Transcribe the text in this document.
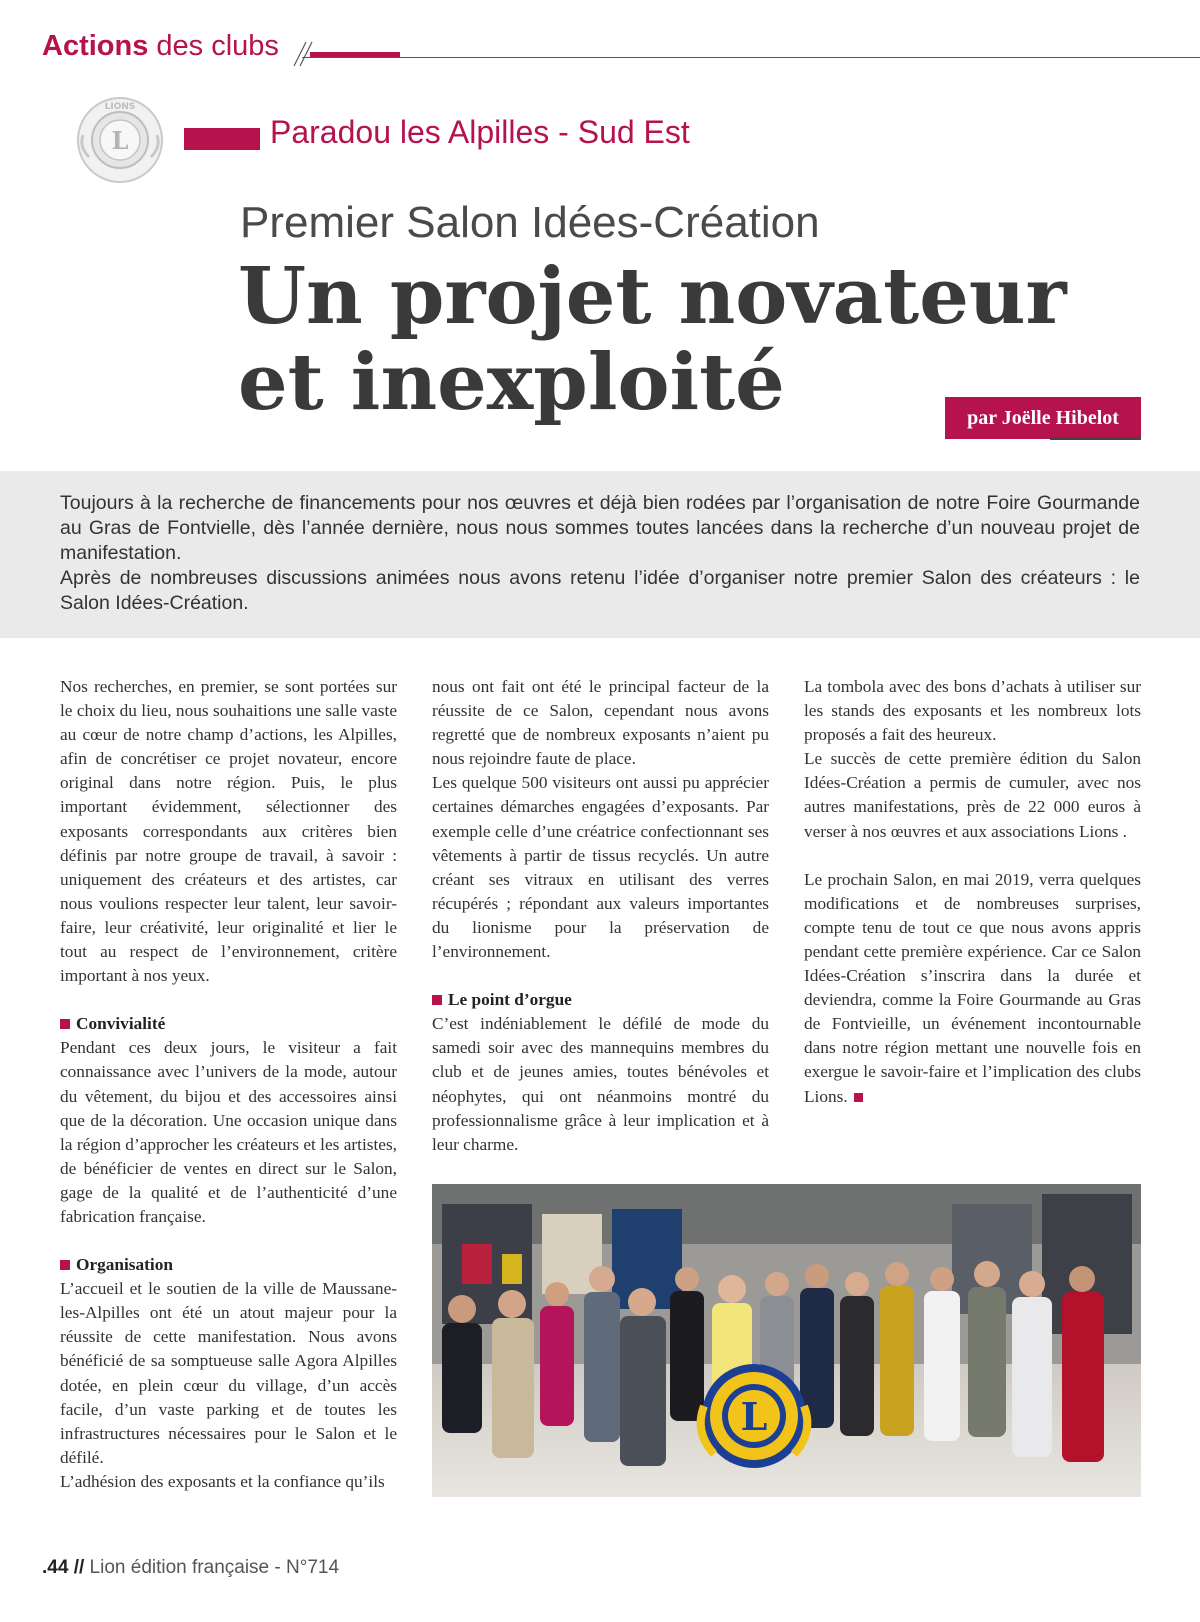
Actions des clubs
L
LIONS
Paradou les Alpilles - Sud Est
Premier Salon Idées-Création
Un projet novateur
et inexploité	par Joëlle Hibelot

Toujours à la recherche de financements pour nos œuvres et déjà bien rodées par l’organisation de notre Foire Gourmande au Gras de Fontvielle, dès l’année dernière, nous nous sommes toutes lancées dans la recherche d’un nouveau projet de manifestation.

Après de nombreuses discussions animées nous avons retenu l’idée d’organiser notre premier Salon des créateurs : le Salon Idées-Création.

Nos recherches, en premier, se sont portées sur le choix du lieu, nous souhaitions une salle vaste au cœur de notre champ d’actions, les Alpilles, afin de concrétiser ce projet novateur, encore original dans notre région. Puis, le plus important évidemment, sélectionner des exposants correspondants aux critères bien définis par notre groupe de travail, à savoir : uniquement des créateurs et des artistes, car nous voulions respecter leur talent, leur savoir-faire, leur créativité, leur originalité et lier le tout au respect de l’environnement, critère important à nos yeux.

Convivialité

Pendant ces deux jours, le visiteur a fait connaissance avec l’univers de la mode, autour du vêtement, du bijou et des accessoires ainsi que de la décoration. Une occasion unique dans la région d’approcher les créateurs et les artistes, de bénéficier de ventes en direct sur le Salon, gage de la qualité et de l’authenticité d’une fabrication française.

Organisation

L’accueil et le soutien de la ville de Maussane-les-Alpilles ont été un atout majeur pour la réussite de cette manifestation. Nous avons bénéficié de sa somptueuse salle Agora Alpilles dotée, en plein cœur du village, d’un accès facile, d’un vaste parking et de toutes les infrastructures nécessaires pour le Salon et le défilé.

L’adhésion des exposants et la confiance qu’ils

nous ont fait ont été le principal facteur de la réussite de ce Salon, cependant nous avons regretté que de nombreux exposants n’aient pu nous rejoindre faute de place.

Les quelque 500 visiteurs ont aussi pu apprécier certaines démarches engagées d’exposants. Par exemple celle d’une créatrice confectionnant ses vêtements à partir de tissus recyclés. Un autre créant ses vitraux en utilisant des verres récupérés ; répondant aux valeurs importantes du lionisme pour la préservation de l’environnement.

Le point d’orgue

C’est indéniablement le défilé de mode du samedi soir avec des mannequins membres du club et de jeunes amies, toutes bénévoles et néophytes, qui ont néanmoins montré du professionnalisme grâce à leur implication et à leur charme.

La tombola avec des bons d’achats à utiliser sur les stands des exposants et les nombreux lots proposés a fait des heureux.

Le succès de cette première édition du Salon Idées-Création a permis de cumuler, avec nos autres manifestations, près de 22 000 euros à verser à nos œuvres et aux associations Lions .

Le prochain Salon, en mai 2019, verra quelques modifications et de nombreuses surprises, compte tenu de tout ce que nous avons appris pendant cette première expérience. Car ce Salon Idées-Création s’inscrira dans la durée et deviendra, comme la Foire Gourmande au Gras de Fontvieille, un événement incontournable dans notre région mettant une nouvelle fois en exergue le savoir-faire et l’implication des clubs Lions.

L
.44 // Lion édition française - N°714
